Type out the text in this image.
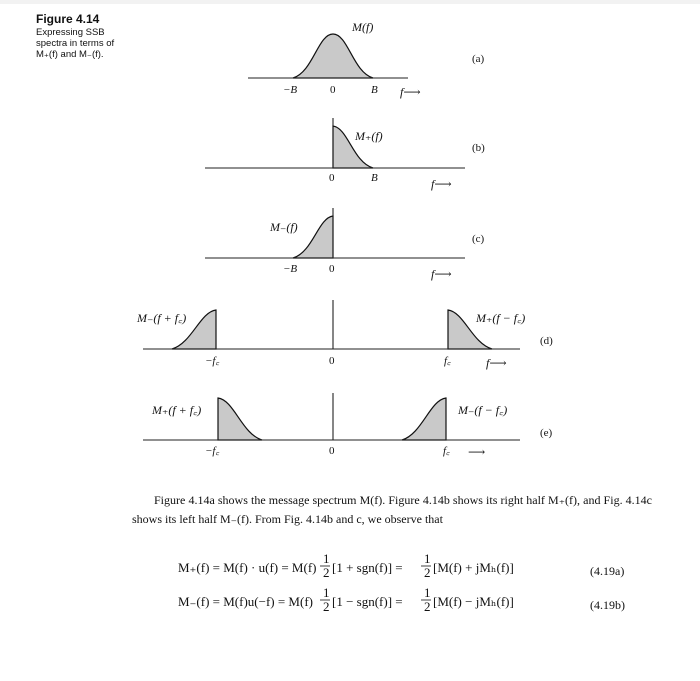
Figure 4.14
Expressing SSB spectra in terms of M₊(f) and M₋(f).
M(f)
−B	0	B f⟶
(a)
M₊(f)
0	B	f⟶
(b)
M₋(f)
−B	0	f⟶
(c)
M₋(f + f꜀)	M₊(f − f꜀)
−f꜀	0	f꜀	f⟶
(d)
M₊(f + f꜀)	M₋(f − f꜀)
−f꜀	0	f꜀ ⟶
(e)
Figure 4.14a shows the message spectrum M(f). Figure 4.14b shows its right half M₊(f), and Fig. 4.14c shows its left half M₋(f). From Fig. 4.14b and c, we observe that
M₊(f) = M(f) · u(f) = M(f)
1
2 [1 + sgn(f)] =
1
2 [M(f) + jMₕ(f)]
M₋(f) = M(f)u(−f) = M(f)
1
2 [1 − sgn(f)] =
1
2 [M(f) − jMₕ(f)]
(4.19a)
(4.19b)
